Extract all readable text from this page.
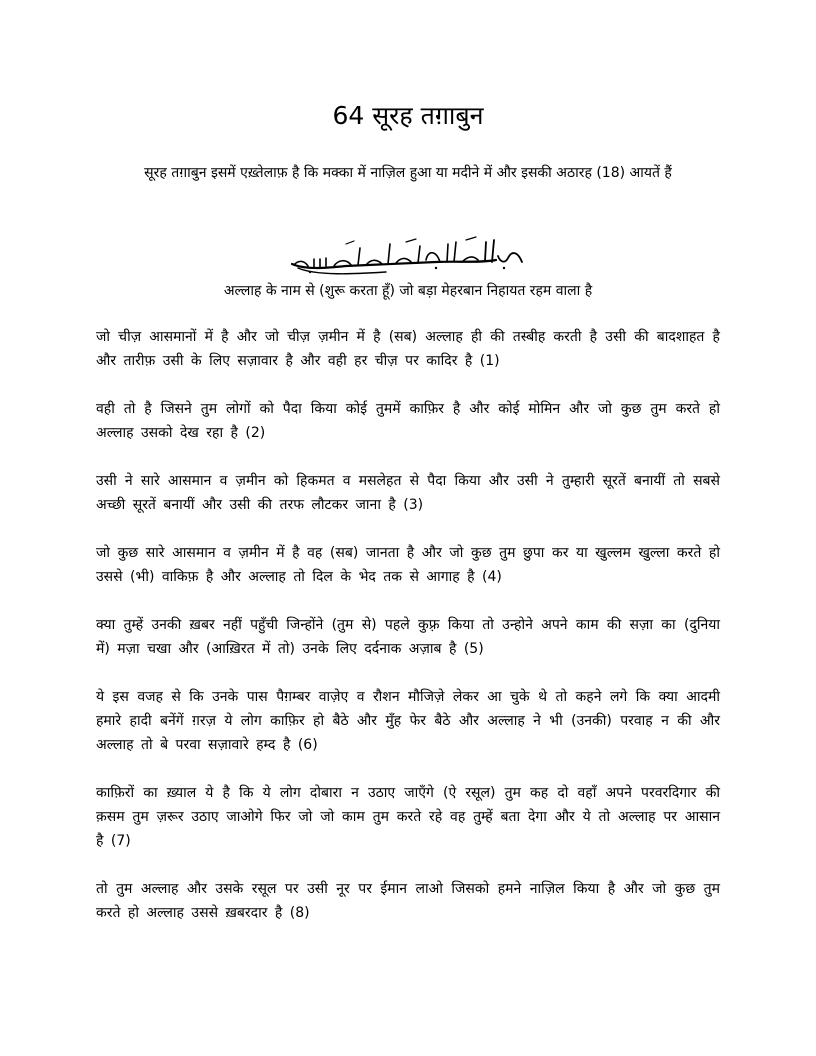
64 सूरह तग़ाबुन
सूरह तग़ाबुन इसमें एख़्तेलाफ़ है कि मक्का में नाज़िल हुआ या मदीने में और इसकी अठारह (18) आयतें हैं
अल्लाह के नाम से (शुरू करता हूँ) जो बड़ा मेहरबान निहायत रहम वाला है

जो चीज़ आसमानों में है और जो चीज़ ज़मीन में है (सब) अल्लाह ही की तस्बीह करती है उसी की बादशाहत है और तारीफ़ उसी के लिए सज़ावार है और वही हर चीज़ पर कादिर है (1)

वही तो है जिसने तुम लोगों को पैदा किया कोई तुममें काफ़िर है और कोई मोमिन और जो कुछ तुम करते हो अल्लाह उसको देख रहा है (2)

उसी ने सारे आसमान व ज़मीन को हिकमत व मसलेहत से पैदा किया और उसी ने तुम्हारी सूरतें बनायीं तो सबसे अच्छी सूरतें बनायीं और उसी की तरफ लौटकर जाना है (3)

जो कुछ सारे आसमान व ज़मीन में है वह (सब) जानता है और जो कुछ तुम छुपा कर या खुल्लम खुल्ला करते हो उससे (भी) वाकिफ़ है और अल्लाह तो दिल के भेद तक से आगाह है (4)

क्या तुम्हें उनकी ख़बर नहीं पहुँची जिन्होंने (तुम से) पहले कुफ़्र किया तो उन्होने अपने काम की सज़ा का (दुनिया में) मज़ा चखा और (आख़िरत में तो) उनके लिए दर्दनाक अज़ाब है (5)

ये इस वजह से कि उनके पास पैग़म्बर वाज़ेए व रौशन मौजिज़े लेकर आ चुके थे तो कहने लगे कि क्या आदमी हमारे हादी बनेंगें ग़रज़ ये लोग काफ़िर हो बैठे और मुँह फेर बैठे और अल्लाह ने भी (उनकी) परवाह न की और अल्लाह तो बे परवा सज़ावारे हम्द है (6)

काफ़िरों का ख़्याल ये है कि ये लोग दोबारा न उठाए जाएँगे (ऐ रसूल) तुम कह दो वहाँ अपने परवरदिगार की क़सम तुम ज़रूर उठाए जाओगे फिर जो जो काम तुम करते रहे वह तुम्हें बता देगा और ये तो अल्लाह पर आसान है (7)

तो तुम अल्लाह और उसके रसूल पर उसी नूर पर ईमान लाओ जिसको हमने नाज़िल किया है और जो कुछ तुम करते हो अल्लाह उससे ख़बरदार है (8)
